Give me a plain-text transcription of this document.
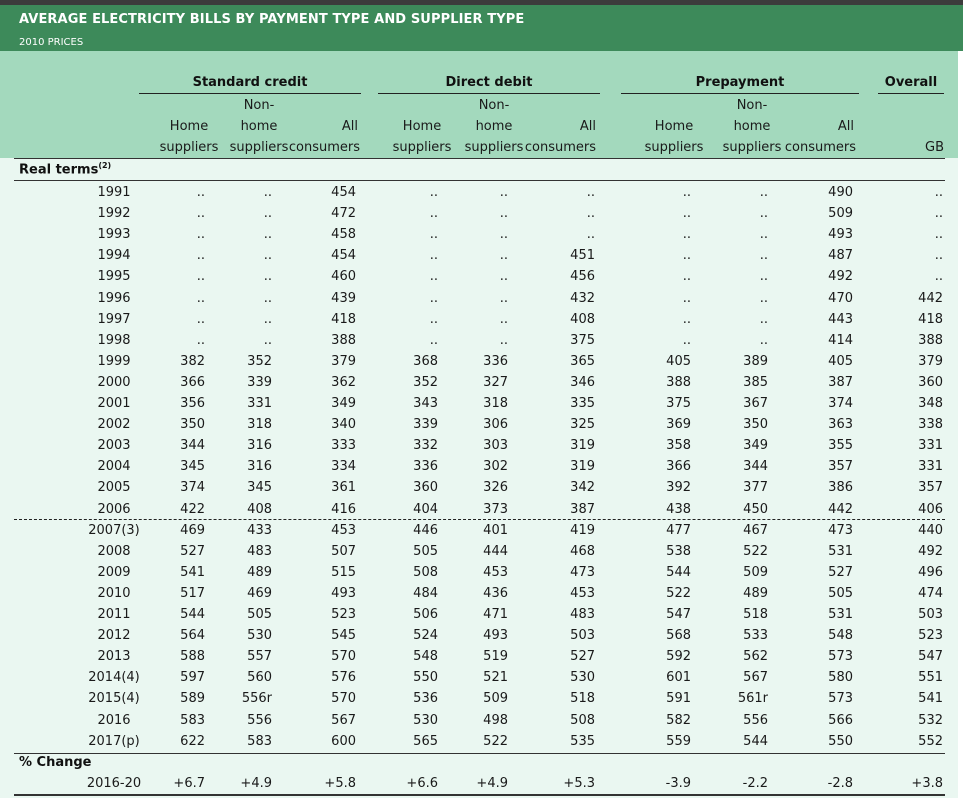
AVERAGE ELECTRICITY BILLS BY PAYMENT TYPE AND SUPPLIER TYPE
2010 PRICES
Standard credit	Direct debit	Prepayment	Overall
Home
suppliers
Non-
home
suppliers
All
consumers
Home
suppliers
Non-
home
suppliers
All
consumers
Home
suppliers
Non-
home
suppliers
All
consumers	GB
Real terms$^{(2)}$
1991	..	..	454	..	..	..	..	..	490	..
1992	..	..	472	..	..	..	..	..	509	..
1993	..	..	458	..	..	..	..	..	493	..
1994	..	..	454	..	..	451	..	..	487	..
1995	..	..	460	..	..	456	..	..	492	..
1996	..	..	439	..	..	432	..	..	470	442
1997	..	..	418	..	..	408	..	..	443	418
1998	..	..	388	..	..	375	..	..	414	388
1999	382	352	379	368	336	365	405	389	405	379
2000	366	339	362	352	327	346	388	385	387	360
2001	356	331	349	343	318	335	375	367	374	348
2002	350	318	340	339	306	325	369	350	363	338
2003	344	316	333	332	303	319	358	349	355	331
2004	345	316	334	336	302	319	366	344	357	331
2005	374	345	361	360	326	342	392	377	386	357
2006	422	408	416	404	373	387	438	450	442	406
2007(3)	469	433	453	446	401	419	477	467	473	440
2008	527	483	507	505	444	468	538	522	531	492
2009	541	489	515	508	453	473	544	509	527	496
2010	517	469	493	484	436	453	522	489	505	474
2011	544	505	523	506	471	483	547	518	531	503
2012	564	530	545	524	493	503	568	533	548	523
2013	588	557	570	548	519	527	592	562	573	547
2014(4)	597	560	576	550	521	530	601	567	580	551
2015(4)	589	556r	570	536	509	518	591	561r	573	541
2016	583	556	567	530	498	508	582	556	566	532
2017(p)	622	583	600	565	522	535	559	544	550	552
% Change
2016-20	+6.7	+4.9	+5.8	+6.6	+4.9	+5.3	-3.9	-2.2	-2.8	+3.8
